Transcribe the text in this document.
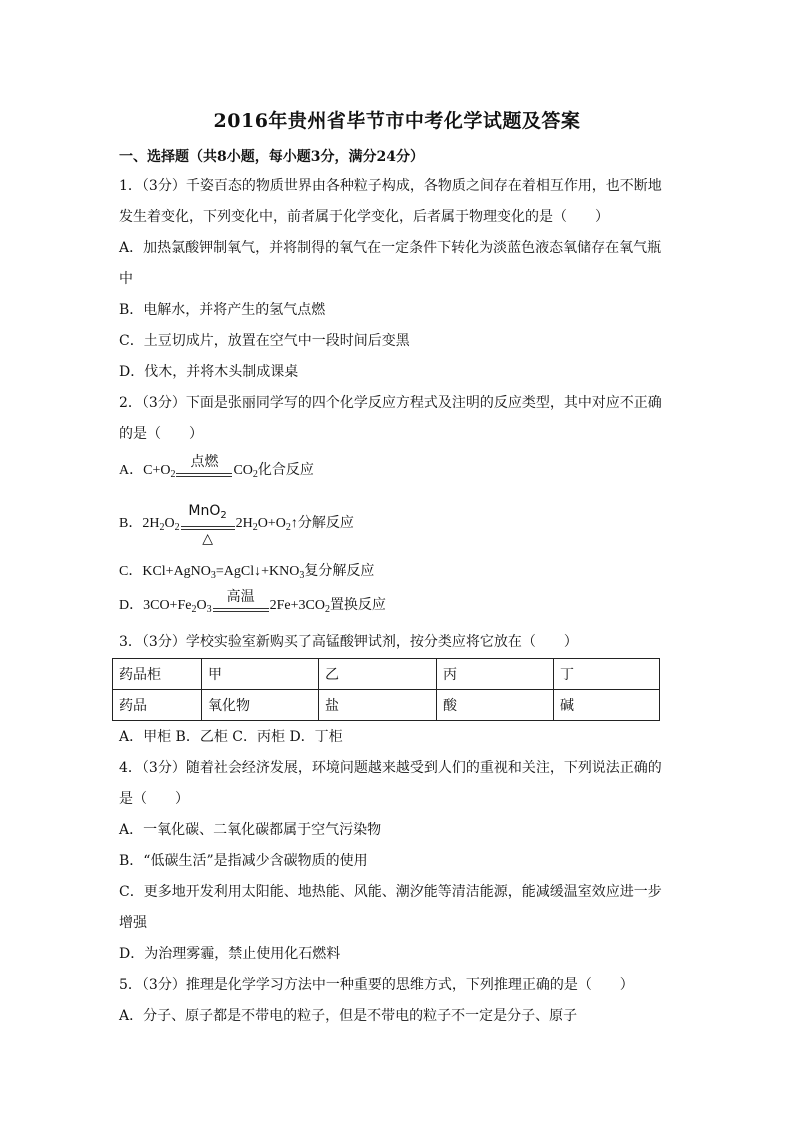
2016年贵州省毕节市中考化学试题及答案
一、选择题（共8小题，每小题3分，满分24分）
1．（3分）千姿百态的物质世界由各种粒子构成，各物质之间存在着相互作用，也不断地
发生着变化，下列变化中，前者属于化学变化，后者属于物理变化的是（　　）
A．加热氯酸钾制氧气，并将制得的氧气在一定条件下转化为淡蓝色液态氧储存在氧气瓶
中
B．电解水，并将产生的氢气点燃
C．土豆切成片，放置在空气中一段时间后变黑
D．伐木，并将木头制成课桌
2．（3分）下面是张丽同学写的四个化学反应方程式及注明的反应类型，其中对应不正确
的是（　　）
A．$C+O_2$
点燃
$CO_2$化合反应
B．$2H_2O_2$
MnO$_2$
△
$2H_2O+O_2↑$分解反应
C．$KCl+AgNO_3=AgCl↓+KNO_3$复分解反应
D．$3CO+Fe_2O_3$
高温
$2Fe+3CO_2$置换反应
3．（3分）学校实验室新购买了高锰酸钾试剂，按分类应将它放在（　　）
药品柜	甲	乙	丙	丁
药品	氧化物	盐	酸	碱
A．甲柜 B．乙柜 C．丙柜 D．丁柜
4．（3分）随着社会经济发展，环境问题越来越受到人们的重视和关注，下列说法正确的
是（　　）
A．一氧化碳、二氧化碳都属于空气污染物
B．“低碳生活”是指减少含碳物质的使用
C．更多地开发利用太阳能、地热能、风能、潮汐能等清洁能源，能减缓温室效应进一步
增强
D．为治理雾霾，禁止使用化石燃料
5．（3分）推理是化学学习方法中一种重要的思维方式，下列推理正确的是（　　）
A．分子、原子都是不带电的粒子，但是不带电的粒子不一定是分子、原子
